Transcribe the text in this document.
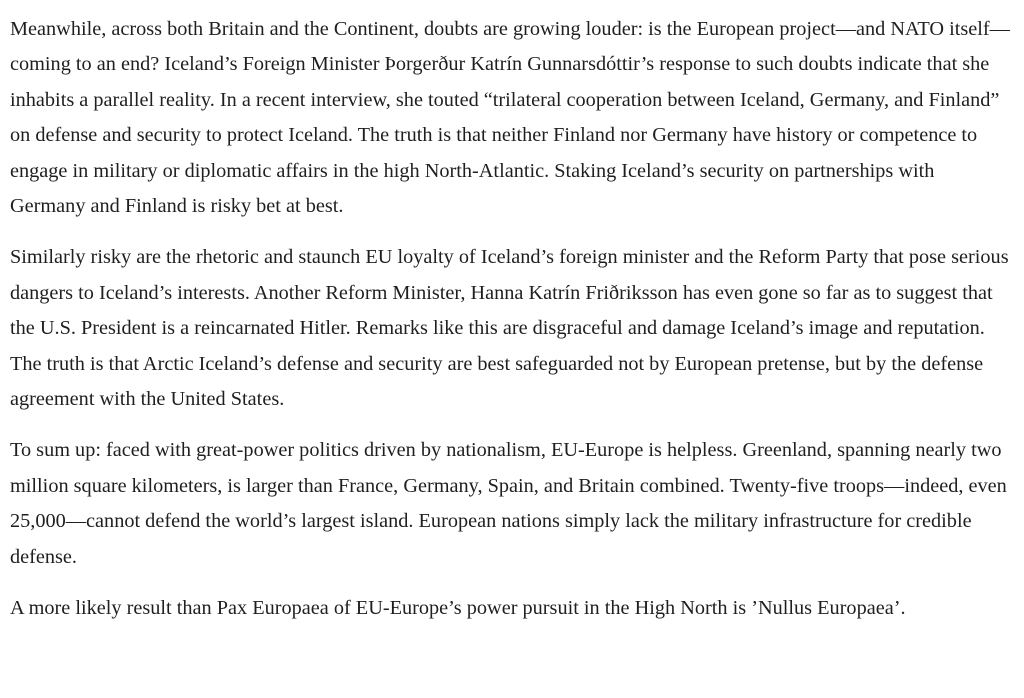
Meanwhile, across both Britain and the Continent, doubts are growing louder: is the European project—and NATO itself—coming to an end? Iceland’s Foreign Minister Þorgerður Katrín Gunnarsdóttir’s response to such doubts indicate that she inhabits a parallel reality. In a recent interview, she touted “trilateral cooperation between Iceland, Germany, and Finland” on defense and security to protect Iceland. The truth is that neither Finland nor Germany have history or competence to engage in military or diplomatic affairs in the high North-Atlantic. Staking Iceland’s security on partnerships with Germany and Finland is risky bet at best.

Similarly risky are the rhetoric and staunch EU loyalty of Iceland’s foreign minister and the Reform Party that pose serious dangers to Iceland’s interests. Another Reform Minister, Hanna Katrín Friðriksson has even gone so far as to suggest that the U.S. President is a reincarnated Hitler. Remarks like this are disgraceful and damage Iceland’s image and reputation. The truth is that Arctic Iceland’s defense and security are best safeguarded not by European pretense, but by the defense agreement with the United States.

To sum up: faced with great-power politics driven by nationalism, EU-Europe is helpless. Greenland, spanning nearly two million square kilometers, is larger than France, Germany, Spain, and Britain combined. Twenty-five troops—indeed, even 25,000—cannot defend the world’s largest island. European nations simply lack the military infrastructure for credible defense.

A more likely result than Pax Europaea of EU-Europe’s power pursuit in the High North is ’Nullus Europaea’.
